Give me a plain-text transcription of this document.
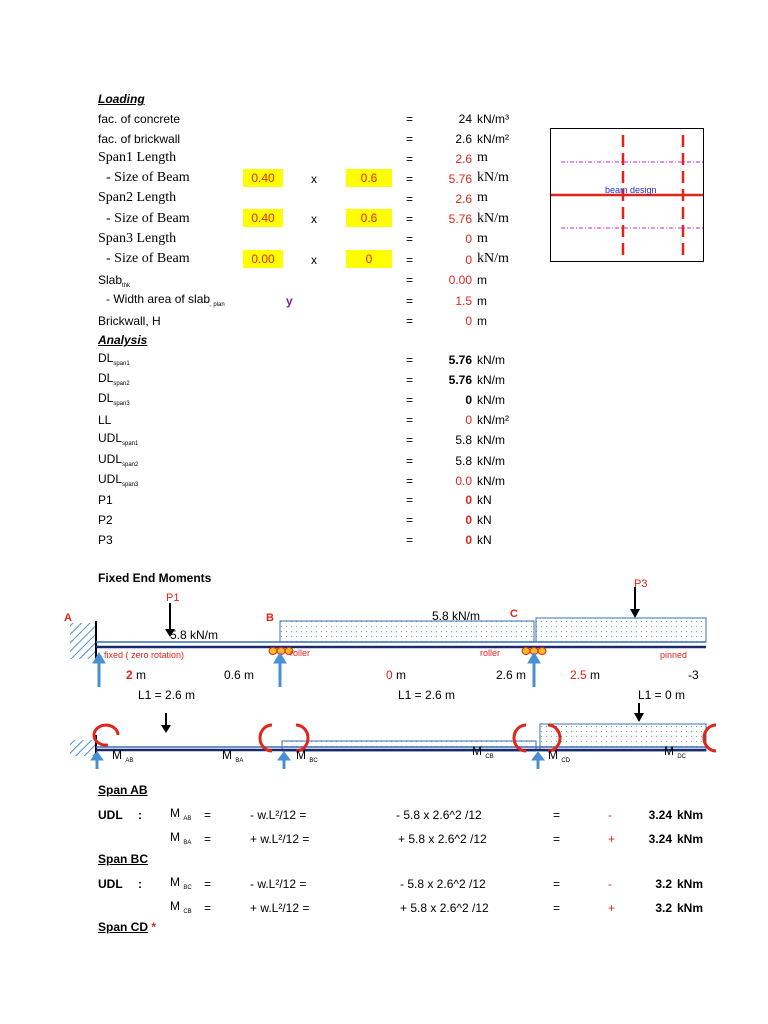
Loading
fac. of concrete	=	24 kN/m³
fac. of brickwall	=	2.6 kN/m²
Span1 Length	=	2.6 m
- Size of Beam	0.40	x	0.6	=	5.76 kN/m
Span2 Length	=	2.6 m
- Size of Beam	0.40	x	0.6	=	5.76 kN/m
Span3 Length	=	0 m
- Size of Beam	0.00	x	0	=	0 kN/m
Slab$_{thk}$	=	0.00 m
- Width area of slab$_{, plan}$	y	=	1.5 m
Brickwall, H	=	0 m
beam design
Analysis
$DL_{span1}$	=	5.76 kN/m
$DL_{span2}$	=	5.76 kN/m
$DL_{span3}$	=	0 kN/m
LL	=	0 kN/m²
$UDL_{span1}$	=	5.8 kN/m
$UDL_{span2}$	=	5.8 kN/m
$UDL_{span3}$	=	0.0 kN/m
P1	=	0 kN
P2	=	0 kN
P3	=	0 kN
Fixed End Moments
A	B	C
P1
P3
5.8 kN/m
5.8 kN/m
fixed ( zero rotation)	roller	roller	pinned
2 m	0.6 m	0 m	2.6 m	2.5 m	-3
L1 = 2.6 m	L1 = 2.6 m	L1 = 0 m
M $_{AB}$	M $_{BA}$	M $_{BC}$
M $_{CB}$	M $_{CD}$
M $_{DC}$
Span AB
UDL : M $_{AB}$ =	- w.L²/12 =	- 5.8 x 2.6^2 /12	=	-	3.24 kNm
M $_{BA}$ =	+ w.L²/12 =	+ 5.8 x 2.6^2 /12	=	+	3.24 kNm
Span BC
UDL : M $_{BC}$ =	- w.L²/12 =	- 5.8 x 2.6^2 /12	=	-	3.2 kNm
M $_{CB}$ =	+ w.L²/12 =	+ 5.8 x 2.6^2 /12	=	+	3.2 kNm
Span CD *
